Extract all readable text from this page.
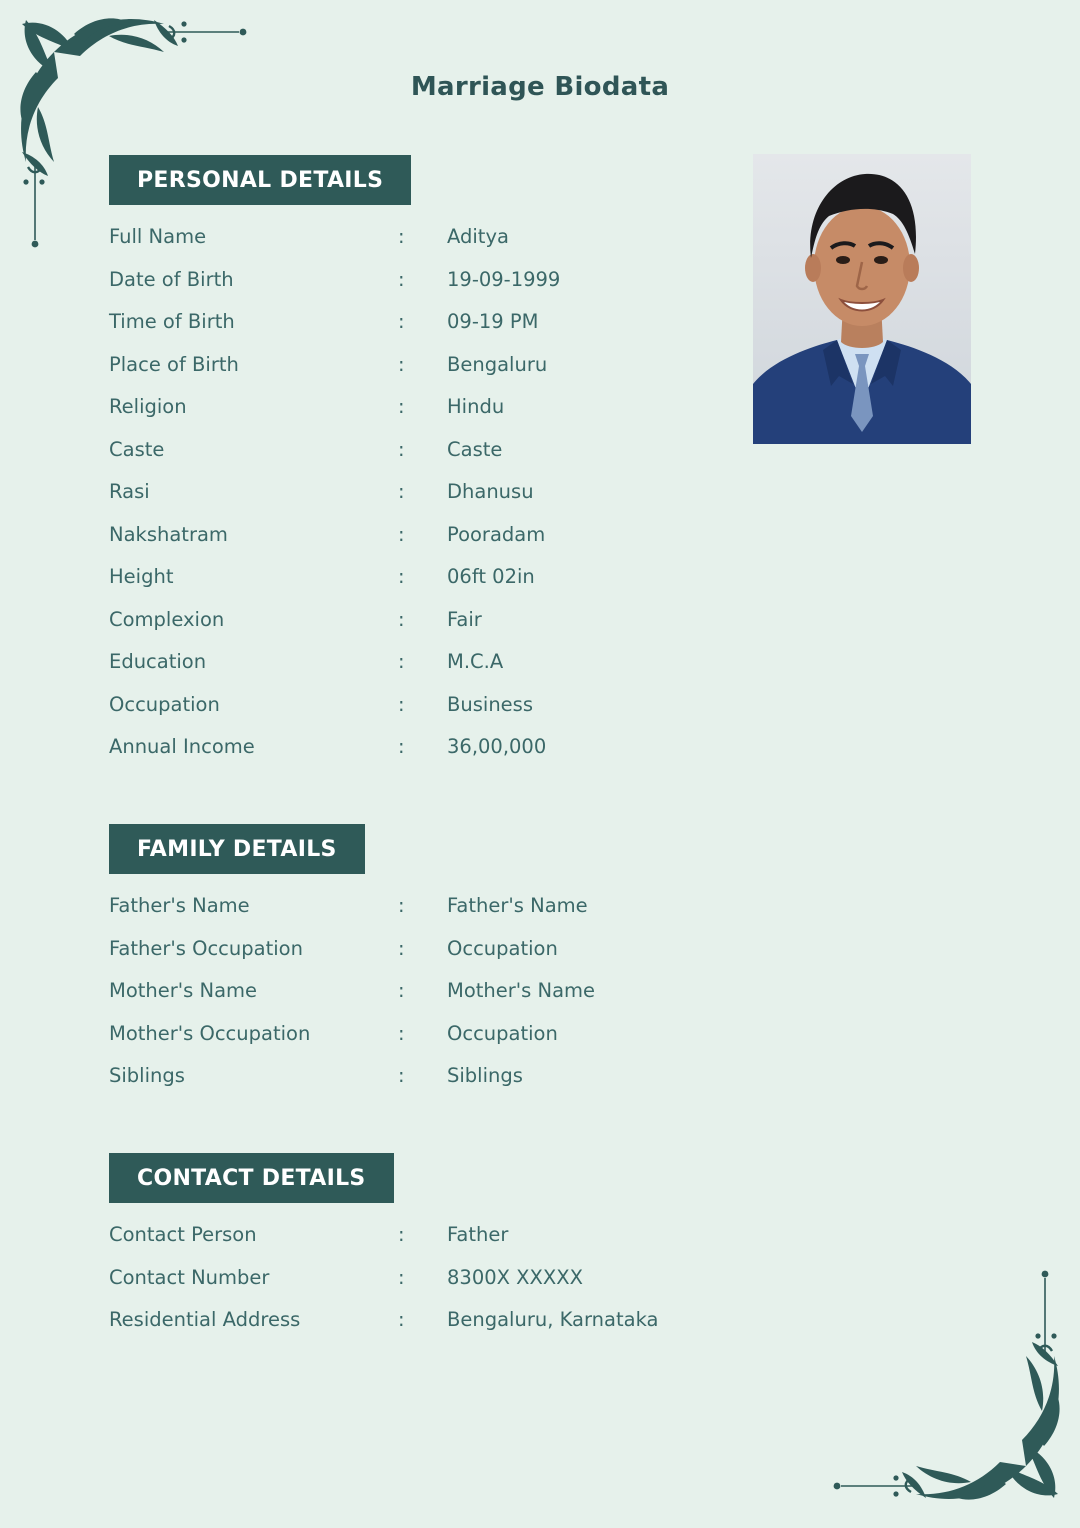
Marriage Biodata
PERSONAL DETAILS
Full Name	: Aditya
Date of Birth	: 19-09-1999
Time of Birth	: 09-19 PM
Place of Birth	: Bengaluru
Religion	: Hindu
Caste	: Caste
Rasi	: Dhanusu
Nakshatram	: Pooradam
Height	: 06ft 02in
Complexion	: Fair
Education	: M.C.A
Occupation	: Business
Annual Income	: 36,00,000
FAMILY DETAILS
Father's Name	: Father's Name
Father's Occupation	: Occupation
Mother's Name	: Mother's Name
Mother's Occupation	: Occupation
Siblings	: Siblings
CONTACT DETAILS
Contact Person	: Father
Contact Number	: 8300X XXXXX
Residential Address	: Bengaluru, Karnataka
